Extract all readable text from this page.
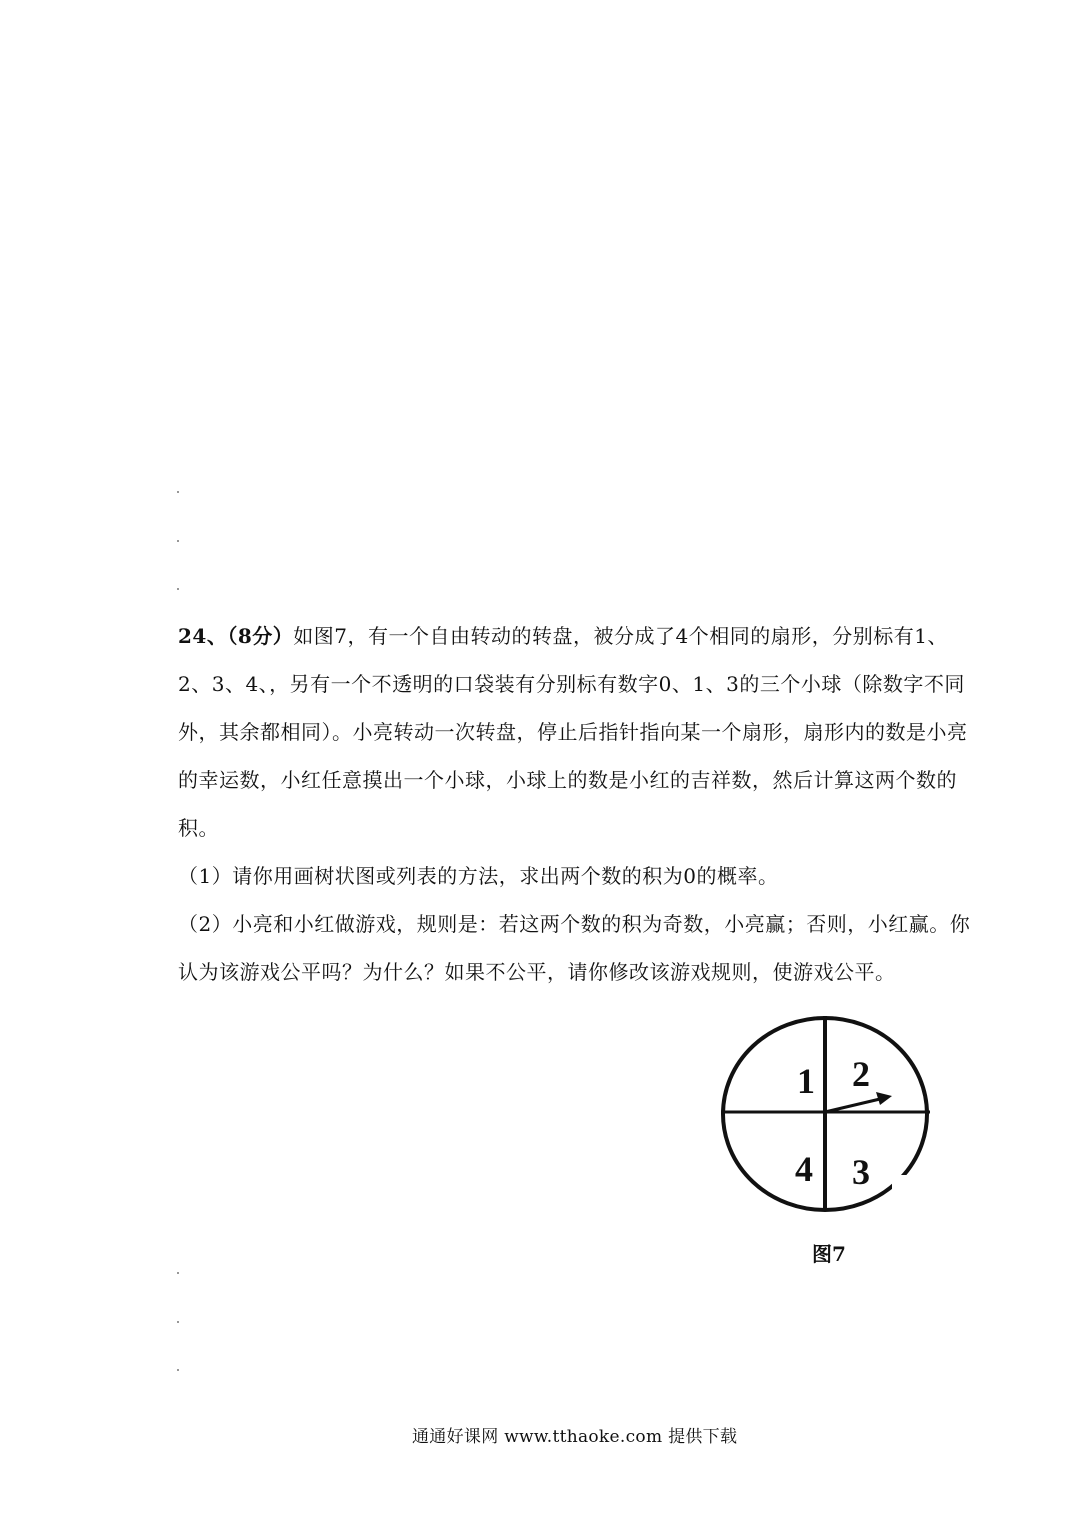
24、（8分）如图7，有一个自由转动的转盘，被分成了4个相同的扇形，分别标有1、2、3、4、，另有一个不透明的口袋装有分别标有数字0、1、3的三个小球（除数字不同外，其余都相同）。小亮转动一次转盘，停止后指针指向某一个扇形，扇形内的数是小亮的幸运数，小红任意摸出一个小球，小球上的数是小红的吉祥数，然后计算这两个数的积。

（1）请你用画树状图或列表的方法，求出两个数的积为0的概率。

（2）小亮和小红做游戏，规则是：若这两个数的积为奇数，小亮赢；否则，小红赢。你认为该游戏公平吗？为什么？如果不公平，请你修改该游戏规则，使游戏公平。

1 2
3
4
图7
通通好课网 www.tthaoke.com 提供下载
